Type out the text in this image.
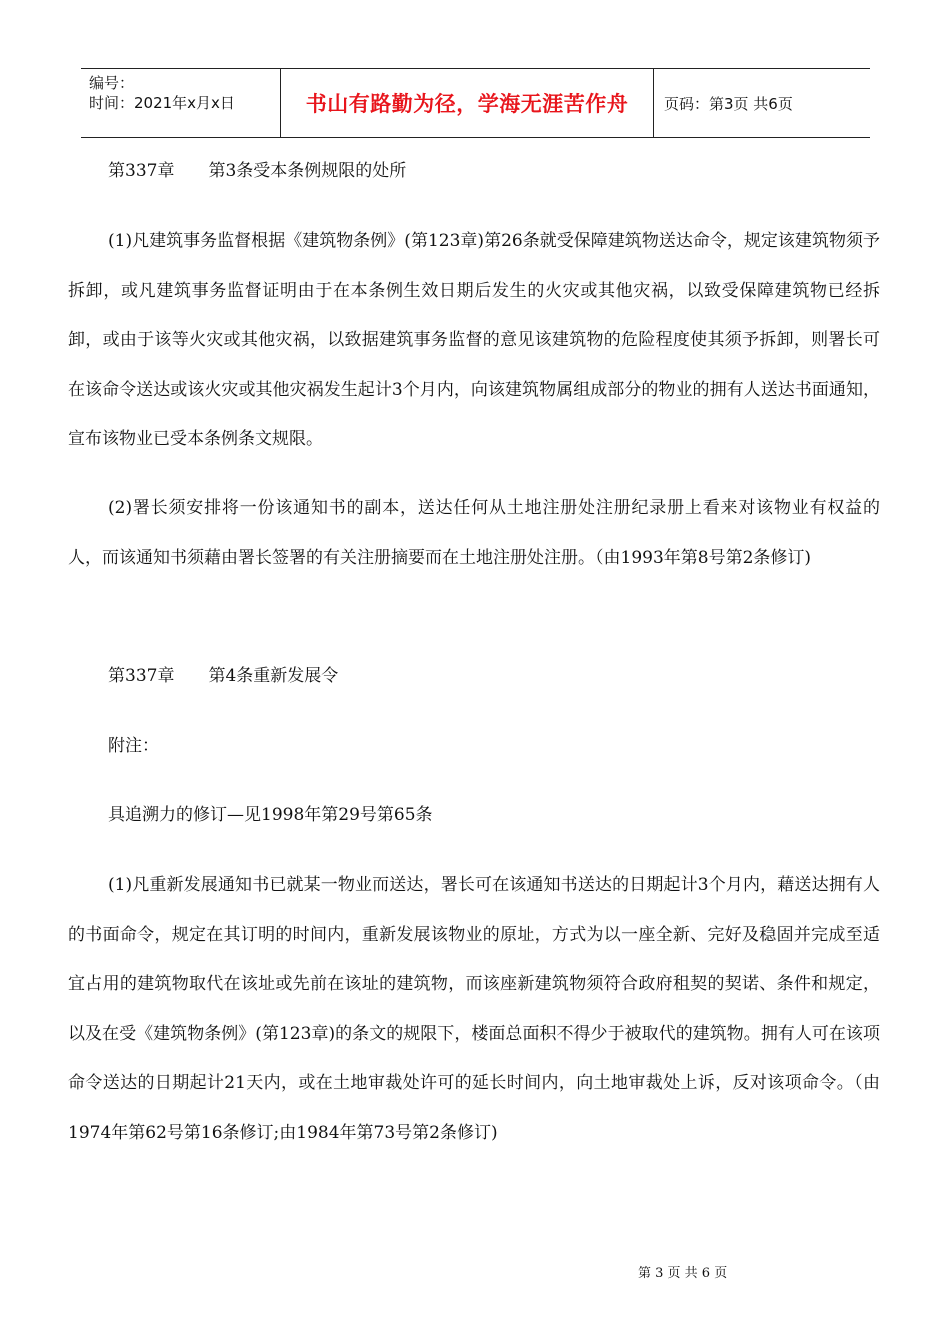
编号：
时间：2021年x月x日	书山有路勤为径，学海无涯苦作舟	页码：第3页 共6页

第337章　　第3条受本条例规限的处所

(1)凡建筑事务监督根据《建筑物条例》(第123章)第26条就受保障建筑物送达命令，规定该建筑物须予拆卸，或凡建筑事务监督证明由于在本条例生效日期后发生的火灾或其他灾祸，以致受保障建筑物已经拆卸，或由于该等火灾或其他灾祸，以致据建筑事务监督的意见该建筑物的危险程度使其须予拆卸，则署长可在该命令送达或该火灾或其他灾祸发生起计3个月内，向该建筑物属组成部分的物业的拥有人送达书面通知，宣布该物业已受本条例条文规限。

(2)署长须安排将一份该通知书的副本，送达任何从土地注册处注册纪录册上看来对该物业有权益的人，而该通知书须藉由署长签署的有关注册摘要而在土地注册处注册。（由1993年第8号第2条修订)

第337章　　第4条重新发展令

附注：

具追溯力的修订—见1998年第29号第65条

(1)凡重新发展通知书已就某一物业而送达，署长可在该通知书送达的日期起计3个月内，藉送达拥有人的书面命令，规定在其订明的时间内，重新发展该物业的原址，方式为以一座全新、完好及稳固并完成至适宜占用的建筑物取代在该址或先前在该址的建筑物，而该座新建筑物须符合政府租契的契诺、条件和规定，以及在受《建筑物条例》(第123章)的条文的规限下，楼面总面积不得少于被取代的建筑物。拥有人可在该项命令送达的日期起计21天内，或在土地审裁处许可的延长时间内，向土地审裁处上诉，反对该项命令。（由1974年第62号第16条修订;由1984年第73号第2条修订)

第 3 页 共 6 页
